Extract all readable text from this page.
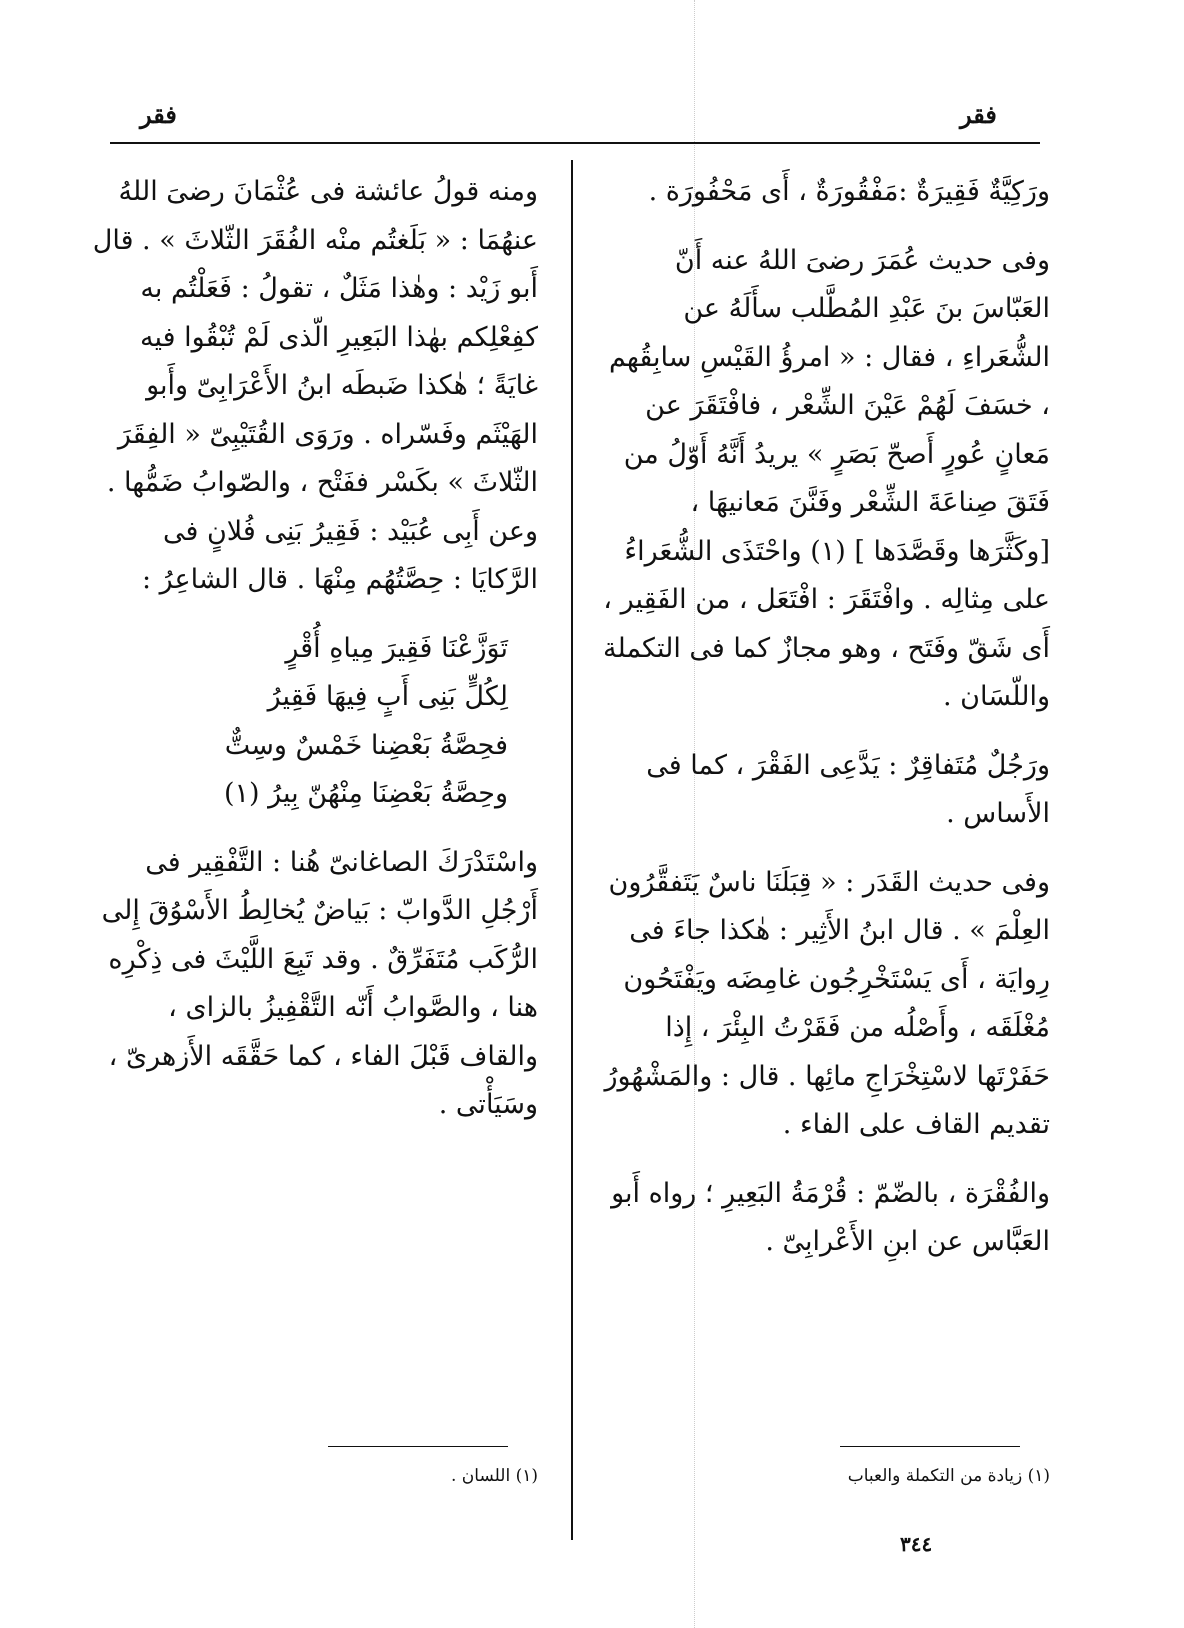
فقر	فقر

ورَكِيَّةٌ فَقِيرَةٌ :مَفْقُورَةٌ ، أَى مَحْفُورَة .

وفى حديث عُمَرَ رضىَ اللهُ عنه أَنّ العَبّاسَ بنَ عَبْدِ المُطَّلب سأَلَهُ عن الشُّعَراءِ ، فقال : « امرؤُ القَيْسِ سابِقُهم ، خسَفَ لَهُمْ عَيْنَ الشِّعْر ، فافْتَقَرَ عن مَعانٍ عُورٍ أَصحّ بَصَرٍ » يريدُ أَنَّهُ أَوّلُ من فَتَقَ صِناعَةَ الشِّعْر وفَنَّنَ مَعانيهَا ، [وكَثَّرَها وقَصَّدَها ] (١) واحْتَذَى الشُّعَراءُ على مِثالِه . وافْتَقَرَ : افْتَعَل ، من الفَقِير ، أَى شَقّ وفَتَح ، وهو مجازٌ كما فى التكملة واللّسَان .

ورَجُلٌ مُتَفاقِرٌ : يَدَّعِى الفَقْرَ ، كما فى الأَساس .

وفى حديث القَدَر : « قِبَلَنَا ناسٌ يَتَفقَّرُون العِلْمَ » . قال ابنُ الأَثِير : هٰكذا جاءَ فى رِوايَة ، أَى يَسْتَخْرِجُون غامِضَه ويَفْتَحُون مُغْلَقَه ، وأَصْلُه من فَقَرْتُ البِئْرَ ، إِذا حَفَرْتَها لاسْتِخْرَاجِ مائِها . قال : والمَشْهُورُ تقديم القاف على الفاء .

والفُقْرَة ، بالضّمّ : قُرْمَةُ البَعِيرِ ؛ رواه أَبو العَبَّاس عن ابنِ الأَعْرابِىّ .

ومنه قولُ عائشة فى عُثْمَانَ رضىَ اللهُ عنهُمَا : « بَلَغتُم منْه الفُقَرَ الثّلاثَ » . قال أَبو زَيْد : وهٰذا مَثَلٌ ، تقولُ : فَعَلْتُم به كفِعْلِكم بهٰذا البَعِيرِ الّذى لَمْ تُبْقُوا فيه غايَةً ؛ هٰكذا ضَبطَه ابنُ الأَعْرَابِىّ وأَبو الهَيْثَم وفَسّراه . ورَوَى القُتَيْبِىّ « الفِقَرَ الثّلاثَ » بكَسْر ففَتْح ، والصّوابُ ضَمُّها . وعن أَبِى عُبَيْد : فَقِيرُ بَنِى فُلانٍ فى الرَّكايَا : حِصَّتُهُم مِنْهَا . قال الشاعِرُ :

تَوَزَّعْنَا فَقِيرَ مِياهِ أُقْرٍ

لِكُلٍّ بَنِى أَبٍ فِيهَا فَقِيرُ

فحِصَّةُ بَعْضِنا خَمْسٌ وسِتٌّ

وحِصَّةُ بَعْضِنَا مِنْهُنّ بِيرُ (١)

واسْتَدْرَكَ الصاغانىّ هُنا : التَّفْقِير فى أَرْجُلِ الدَّوابّ : بَياضٌ يُخالِطُ الأَسْوُقَ إِلى الرُّكَب مُتَفَرِّقٌ . وقد تَبِعَ اللَّيْثَ فى ذِكْرِه هنا ، والصَّوابُ أَنّه التَّقْفِيزُ بالزاى ، والقاف قَبْلَ الفاء ، كما حَقَّقَه الأَزهرىّ ، وسَيَأْتى .

(١) اللسان .	(١) زيادة من التكملة والعباب
٣٤٤
